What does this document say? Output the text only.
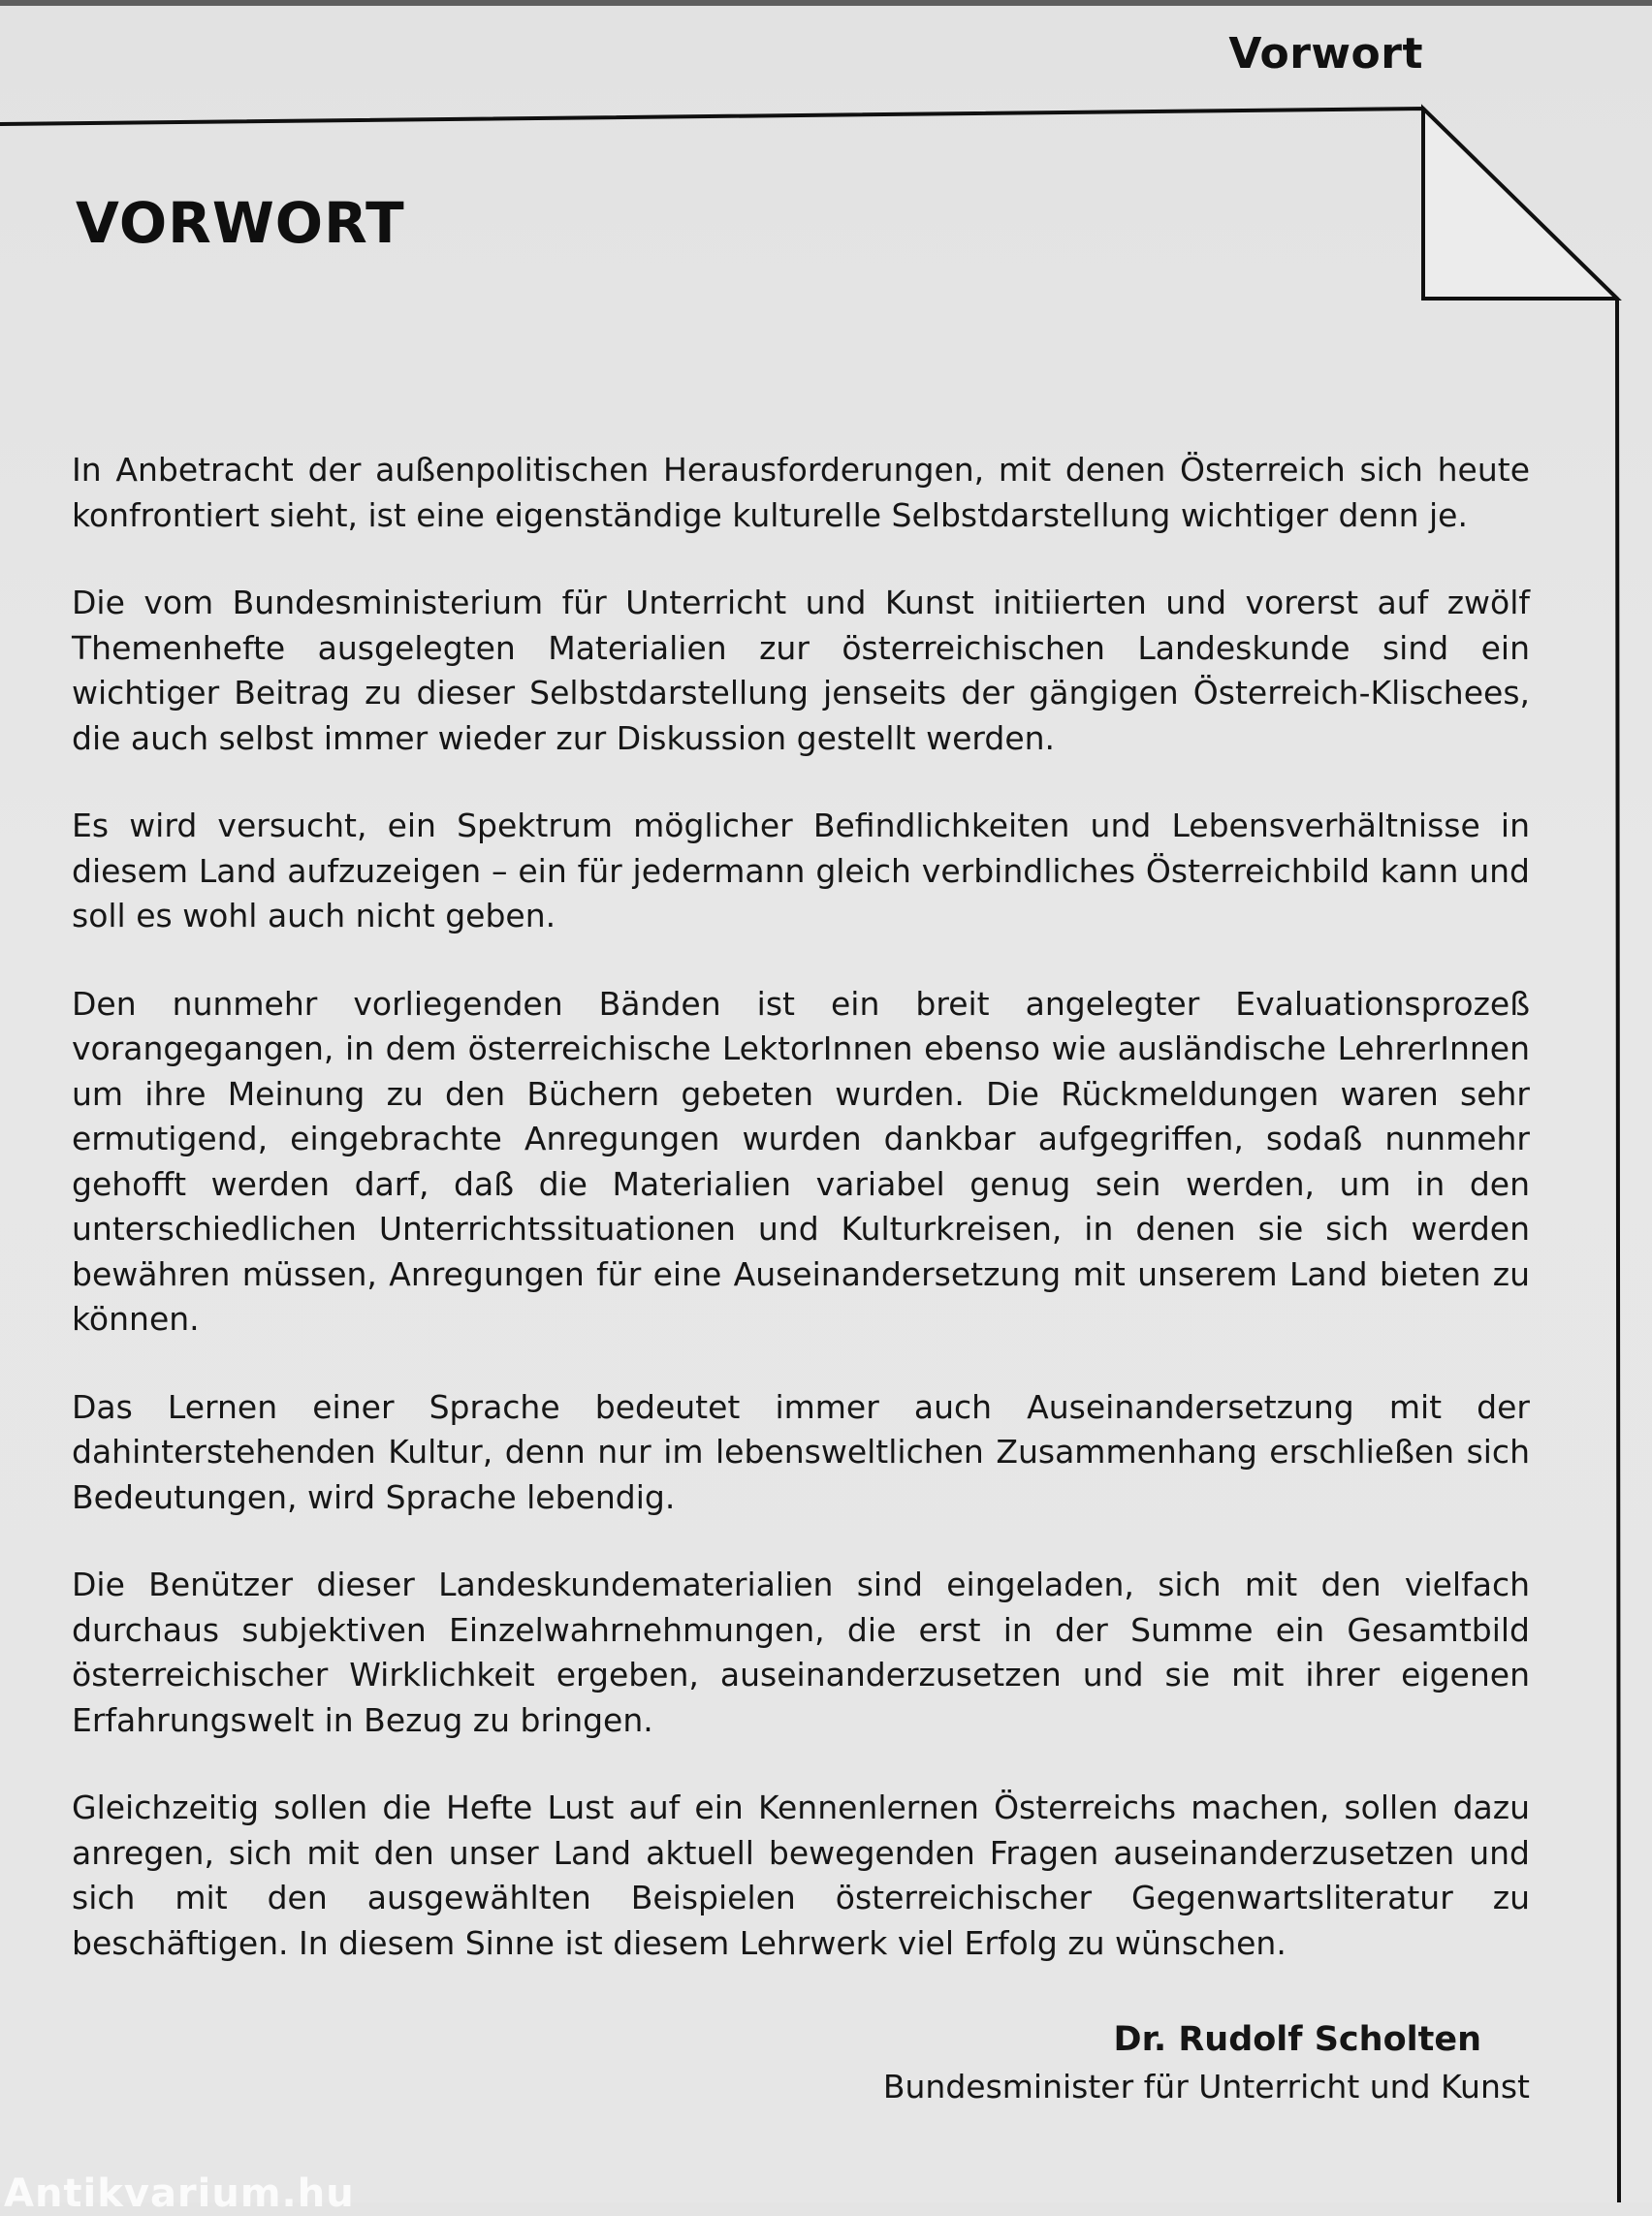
Vorwort
VORWORT

In Anbetracht der außenpolitischen Herausforderungen, mit denen Österreich sich heute konfrontiert sieht, ist eine eigenständige kulturelle Selbstdarstellung wichtiger denn je.

Die vom Bundesministerium für Unterricht und Kunst initiierten und vorerst auf zwölf Themenhefte ausgelegten Materialien zur österreichischen Landeskunde sind ein wichtiger Beitrag zu dieser Selbstdarstellung jenseits der gängigen Österreich-Klischees, die auch selbst immer wieder zur Diskussion gestellt werden.

Es wird versucht, ein Spektrum möglicher Befindlichkeiten und Lebensverhältnisse in diesem Land aufzuzeigen – ein für jedermann gleich verbindliches Österreichbild kann und soll es wohl auch nicht geben.

Den nunmehr vorliegenden Bänden ist ein breit angelegter Evaluationsprozeß vorangegangen, in dem österreichische LektorInnen ebenso wie ausländische LehrerInnen um ihre Meinung zu den Büchern gebeten wurden. Die Rückmeldungen waren sehr ermutigend, eingebrachte Anregungen wurden dankbar aufgegriffen, sodaß nunmehr gehofft werden darf, daß die Materialien variabel genug sein werden, um in den unterschiedlichen Unterrichtssituationen und Kulturkreisen, in denen sie sich werden bewähren müssen, Anregungen für eine Auseinandersetzung mit unserem Land bieten zu können.

Das Lernen einer Sprache bedeutet immer auch Auseinandersetzung mit der dahinterstehenden Kultur, denn nur im lebensweltlichen Zusammenhang erschließen sich Bedeutungen, wird Sprache lebendig.

Die Benützer dieser Landeskundematerialien sind eingeladen, sich mit den vielfach durchaus subjektiven Einzelwahrnehmungen, die erst in der Summe ein Gesamtbild österreichischer Wirklichkeit ergeben, auseinanderzusetzen und sie mit ihrer eigenen Erfahrungswelt in Bezug zu bringen.

Gleichzeitig sollen die Hefte Lust auf ein Kennenlernen Österreichs machen, sollen dazu anregen, sich mit den unser Land aktuell bewegenden Fragen auseinanderzusetzen und sich mit den ausgewählten Beispielen österreichischer Gegenwartsliteratur zu beschäftigen. In diesem Sinne ist diesem Lehrwerk viel Erfolg zu wünschen.

Dr. Rudolf Scholten
Bundesminister für Unterricht und Kunst
Antikvarium.hu
